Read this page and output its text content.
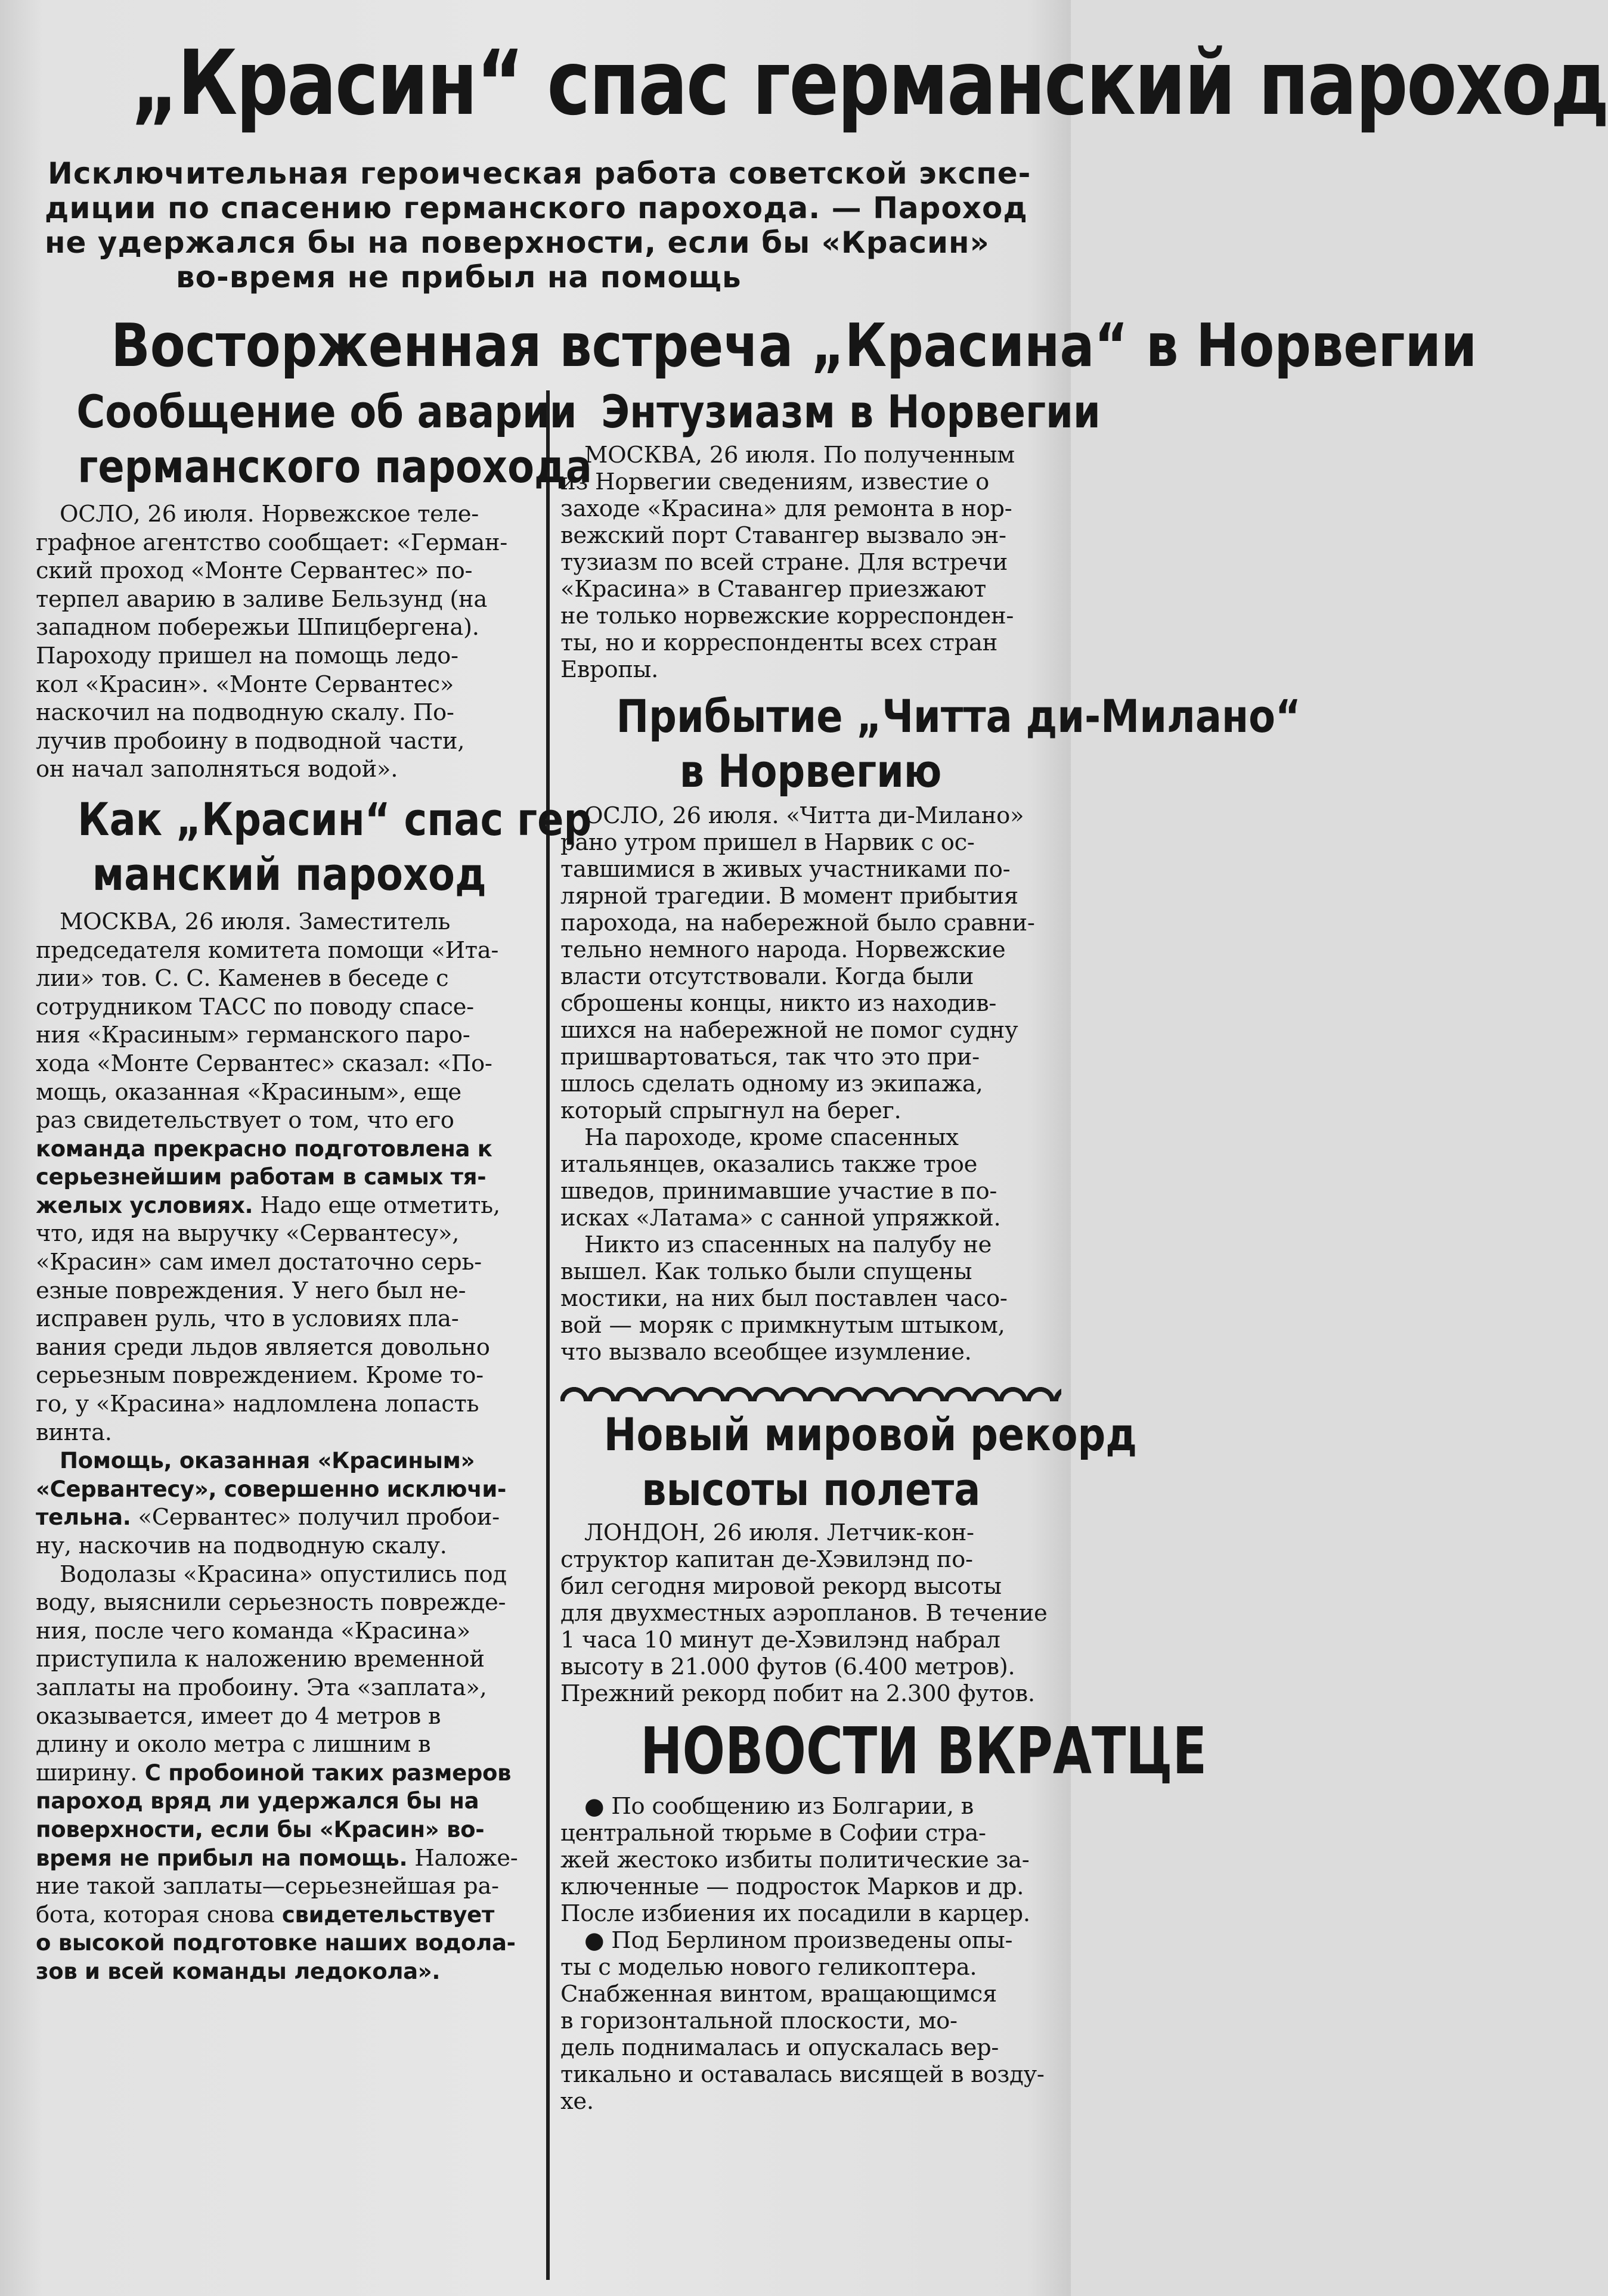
„Красин“ спас германский пароход
Исключительная героическая работа советской экспе-
диции по спасению германского парохода. — Пароход
не удержался бы на поверхности, если бы «Красин»
во-время не прибыл на помощь
Восторженная встреча „Красина“ в Норвегии
Сообщение об аварии
германского парохода

ОСЛО, 26 июля. Норвежское теле-
графное агентство сообщает: «Герман-
ский проход «Монте Сервантес» по-
терпел аварию в заливе Бельзунд (на
западном побережьи Шпицбергена).
Пароходу пришел на помощь ледо-
кол «Красин». «Монте Сервантес»
наскочил на подводную скалу. По-
лучив пробоину в подводной части,
он начал заполняться водой».

Как „Красин“ спас гер
манский пароход

МОСКВА, 26 июля. Заместитель
председателя комитета помощи «Ита-
лии» тов. С. С. Каменев в беседе с
сотрудником ТАСС по поводу спасе-
ния «Красиным» германского паро-
хода «Монте Сервантес» сказал: «По-
мощь, оказанная «Красиным», еще
раз свидетельствует о том, что его
команда прекрасно подготовлена к
серьезнейшим работам в самых тя-
желых условиях. Надо еще отметить,
что, идя на выручку «Сервантесу»,
«Красин» сам имел достаточно серь-
езные повреждения. У него был не-
исправен руль, что в условиях пла-
вания среди льдов является довольно
серьезным повреждением. Кроме то-
го, у «Красина» надломлена лопасть
винта.

Помощь, оказанная «Красиным»
«Сервантесу», совершенно исключи-
тельна. «Сервантес» получил пробои-
ну, наскочив на подводную скалу.

Водолазы «Красина» опустились под
воду, выяснили серьезность поврежде-
ния, после чего команда «Красина»
приступила к наложению временной
заплаты на пробоину. Эта «заплата»,
оказывается, имеет до 4 метров в
длину и около метра с лишним в
ширину. С пробоиной таких размеров
пароход вряд ли удержался бы на
поверхности, если бы «Красин» во-
время не прибыл на помощь. Наложе-
ние такой заплаты—серьезнейшая ра-
бота, которая снова свидетельствует
о высокой подготовке наших водола-
зов и всей команды ледокола».

Энтузиазм в Норвегии

МОСКВА, 26 июля. По полученным
из Норвегии сведениям, известие о
заходе «Красина» для ремонта в нор-
вежский порт Ставангер вызвало эн-
тузиазм по всей стране. Для встречи
«Красина» в Ставангер приезжают
не только норвежские корреспонден-
ты, но и корреспонденты всех стран
Европы.

Прибытие „Читта ди-Милано“
в Норвегию

ОСЛО, 26 июля. «Читта ди-Милано»
рано утром пришел в Нарвик с ос-
тавшимися в живых участниками по-
лярной трагедии. В момент прибытия
парохода, на набережной было сравни-
тельно немного народа. Норвежские
власти отсутствовали. Когда были
сброшены концы, никто из находив-
шихся на набережной не помог судну
пришвартоваться, так что это при-
шлось сделать одному из экипажа,
который спрыгнул на берег.

На пароходе, кроме спасенных
итальянцев, оказались также трое
шведов, принимавшие участие в по-
исках «Латама» с санной упряжкой.

Никто из спасенных на палубу не
вышел. Как только были спущены
мостики, на них был поставлен часо-
вой — моряк с примкнутым штыком,
что вызвало всеобщее изумление.

Новый мировой рекорд
высоты полета

ЛОНДОН, 26 июля. Летчик-кон-
структор капитан де-Хэвилэнд по-
бил сегодня мировой рекорд высоты
для двухместных аэропланов. В течение
1 часа 10 минут де-Хэвилэнд набрал
высоту в 21.000 футов (6.400 метров).
Прежний рекорд побит на 2.300 футов.

НОВОСТИ ВКРАТЦЕ

● По сообщению из Болгарии, в
центральной тюрьме в Софии стра-
жей жестоко избиты политические за-
ключенные — подросток Марков и др.
После избиения их посадили в карцер.

● Под Берлином произведены опы-
ты с моделью нового геликоптера.
Снабженная винтом, вращающимся
в горизонтальной плоскости, мо-
дель поднималась и опускалась вер-
тикально и оставалась висящей в возду-
хе.
